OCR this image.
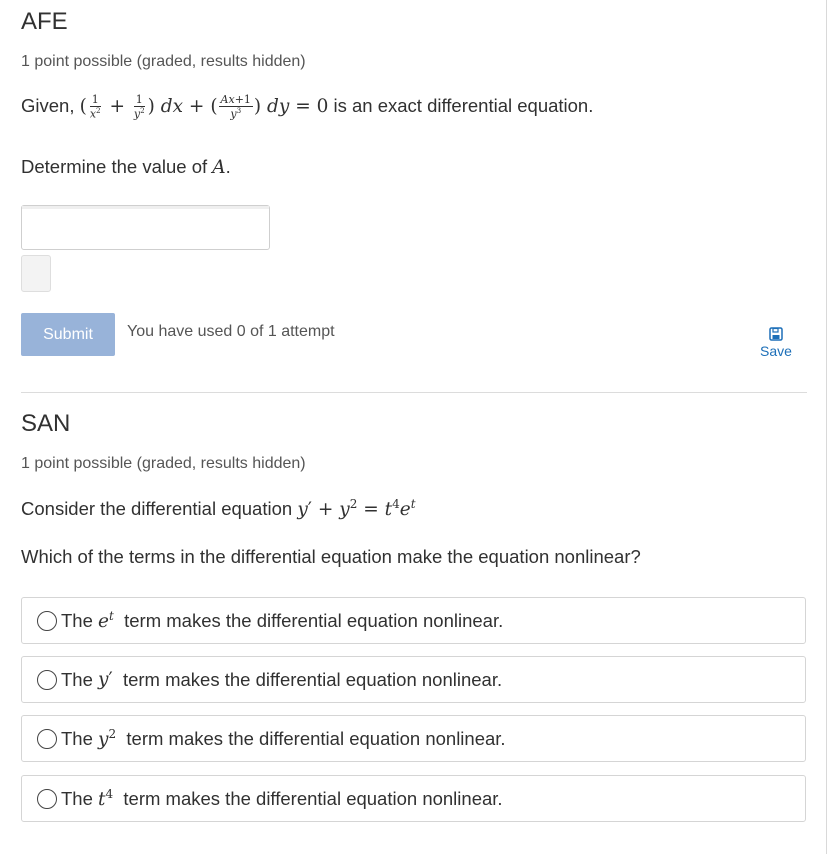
AFE
1 point possible (graded, results hidden)
Given, ( $\frac{1}{x^2} + \frac{1}{y^2}$ ) dx + ( $\frac{Ax+1}{y^3}$ ) dy = 0 is an exact differential equation.
Determine the value of A.
Submit	You have used 0 of 1 attempt
Save
SAN
1 point possible (graded, results hidden)
Consider the differential equation $y' + y^2 = t^4e^t$
Which of the terms in the differential equation make the equation nonlinear?
The
$e^t$
term makes the differential equation nonlinear.
The
y′
term makes the differential equation nonlinear.
The
$y^2$
term makes the differential equation nonlinear.
The
$t^4$
term makes the differential equation nonlinear.
